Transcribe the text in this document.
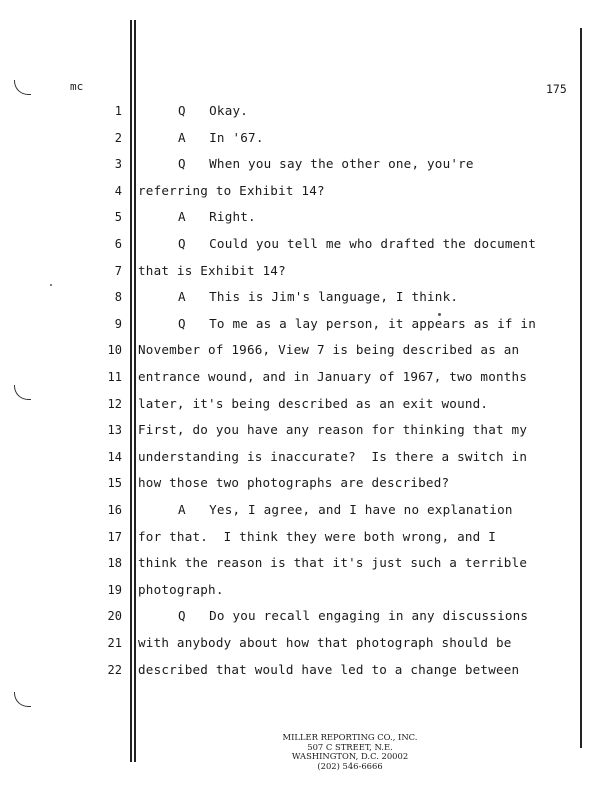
mc	175
1	Q   Okay.
2	A   In '67.
3	Q   When you say the other one, you're
4 referring to Exhibit 14?
5	A   Right.
6	Q   Could you tell me who drafted the document
7 that is Exhibit 14?
8	A   This is Jim's language, I think.
9	Q   To me as a lay person, it appears as if in
10 November of 1966, View 7 is being described as an
11 entrance wound, and in January of 1967, two months
12 later, it's being described as an exit wound.
13 First, do you have any reason for thinking that my
14 understanding is inaccurate?  Is there a switch in
15 how those two photographs are described?
16	A   Yes, I agree, and I have no explanation
17 for that.  I think they were both wrong, and I
18 think the reason is that it's just such a terrible
19 photograph.
20	Q   Do you recall engaging in any discussions
21 with anybody about how that photograph should be
22 described that would have led to a change between
MILLER REPORTING CO., INC.
507 C STREET, N.E.
WASHINGTON, D.C. 20002
(202) 546-6666
